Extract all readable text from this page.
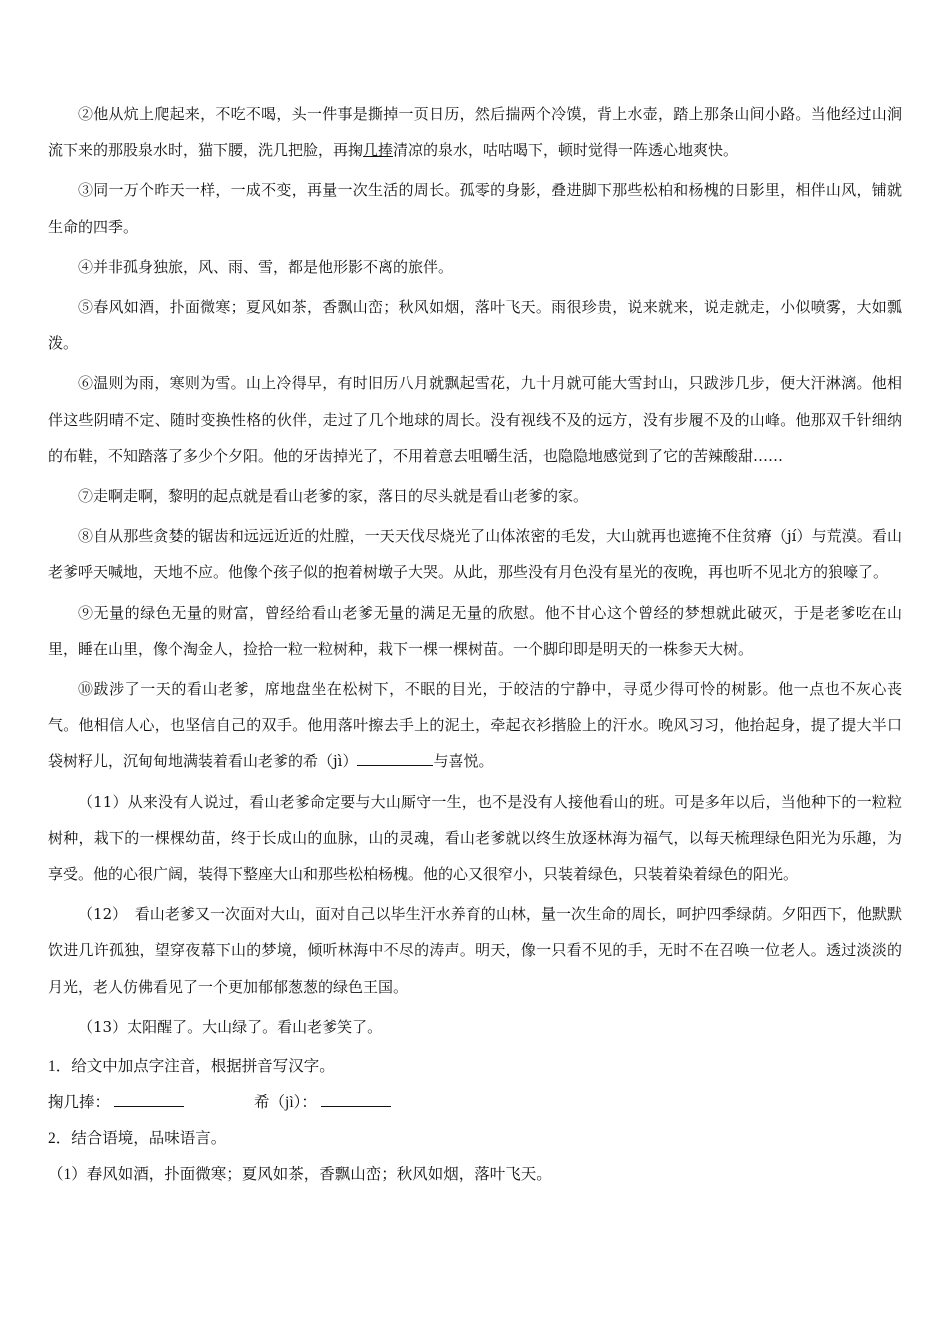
②他从炕上爬起来，不吃不喝，头一件事是撕掉一页日历，然后揣两个冷馍，背上水壶，踏上那条山间小路。当他经过山涧流下来的那股泉水时，猫下腰，洗几把脸，再掬几捧清凉的泉水，咕咕喝下，顿时觉得一阵透心地爽快。

③同一万个昨天一样，一成不变，再量一次生活的周长。孤零的身影，叠进脚下那些松柏和杨槐的日影里，相伴山风，铺就生命的四季。

④并非孤身独旅，风、雨、雪，都是他形影不离的旅伴。

⑤春风如酒，扑面微寒；夏风如茶，香飘山峦；秋风如烟，落叶飞天。雨很珍贵，说来就来，说走就走，小似喷雾，大如瓢泼。

⑥温则为雨，寒则为雪。山上冷得早，有时旧历八月就飘起雪花，九十月就可能大雪封山，只跋涉几步，便大汗淋漓。他相伴这些阴晴不定、随时变换性格的伙伴，走过了几个地球的周长。没有视线不及的远方，没有步履不及的山峰。他那双千针细纳的布鞋，不知踏落了多少个夕阳。他的牙齿掉光了，不用着意去咀嚼生活，也隐隐地感觉到了它的苦辣酸甜……

⑦走啊走啊，黎明的起点就是看山老爹的家，落日的尽头就是看山老爹的家。

⑧自从那些贪婪的锯齿和远远近近的灶膛，一天天伐尽烧光了山体浓密的毛发，大山就再也遮掩不住贫瘠（jí）与荒漠。看山老爹呼天喊地，天地不应。他像个孩子似的抱着树墩子大哭。从此，那些没有月色没有星光的夜晚，再也听不见北方的狼嚎了。

⑨无量的绿色无量的财富，曾经给看山老爹无量的满足无量的欣慰。他不甘心这个曾经的梦想就此破灭，于是老爹吃在山里，睡在山里，像个淘金人，捡拾一粒一粒树种，栽下一棵一棵树苗。一个脚印即是明天的一株参天大树。

⑩跋涉了一天的看山老爹，席地盘坐在松树下，不眠的目光，于皎洁的宁静中，寻觅少得可怜的树影。他一点也不灰心丧气。他相信人心，也坚信自己的双手。他用落叶擦去手上的泥土，牵起衣衫揩脸上的汗水。晚风习习，他抬起身，提了提大半口袋树籽儿，沉甸甸地满装着看山老爹的希（jì）	与喜悦。

（11）从来没有人说过，看山老爹命定要与大山厮守一生，也不是没有人接他看山的班。可是多年以后，当他种下的一粒粒树种，栽下的一棵棵幼苗，终于长成山的血脉，山的灵魂，看山老爹就以终生放逐林海为福气，以每天梳理绿色阳光为乐趣，为享受。他的心很广阔，装得下整座大山和那些松柏杨槐。他的心又很窄小，只装着绿色，只装着染着绿色的阳光。

（12）　看山老爹又一次面对大山，面对自己以毕生汗水养育的山林，量一次生命的周长，呵护四季绿荫。夕阳西下，他默默饮进几许孤独，望穿夜幕下山的梦境，倾听林海中不尽的涛声。明天，像一只看不见的手，无时不在召唤一位老人。透过淡淡的月光，老人仿佛看见了一个更加郁郁葱葱的绿色王国。

（13）太阳醒了。大山绿了。看山老爹笑了。

1．给文中加点字注音，根据拼音写汉字。

掬几捧：	希（jì）：

2．结合语境，品味语言。

（1）春风如酒，扑面微寒；夏风如茶，香飘山峦；秋风如烟，落叶飞天。
